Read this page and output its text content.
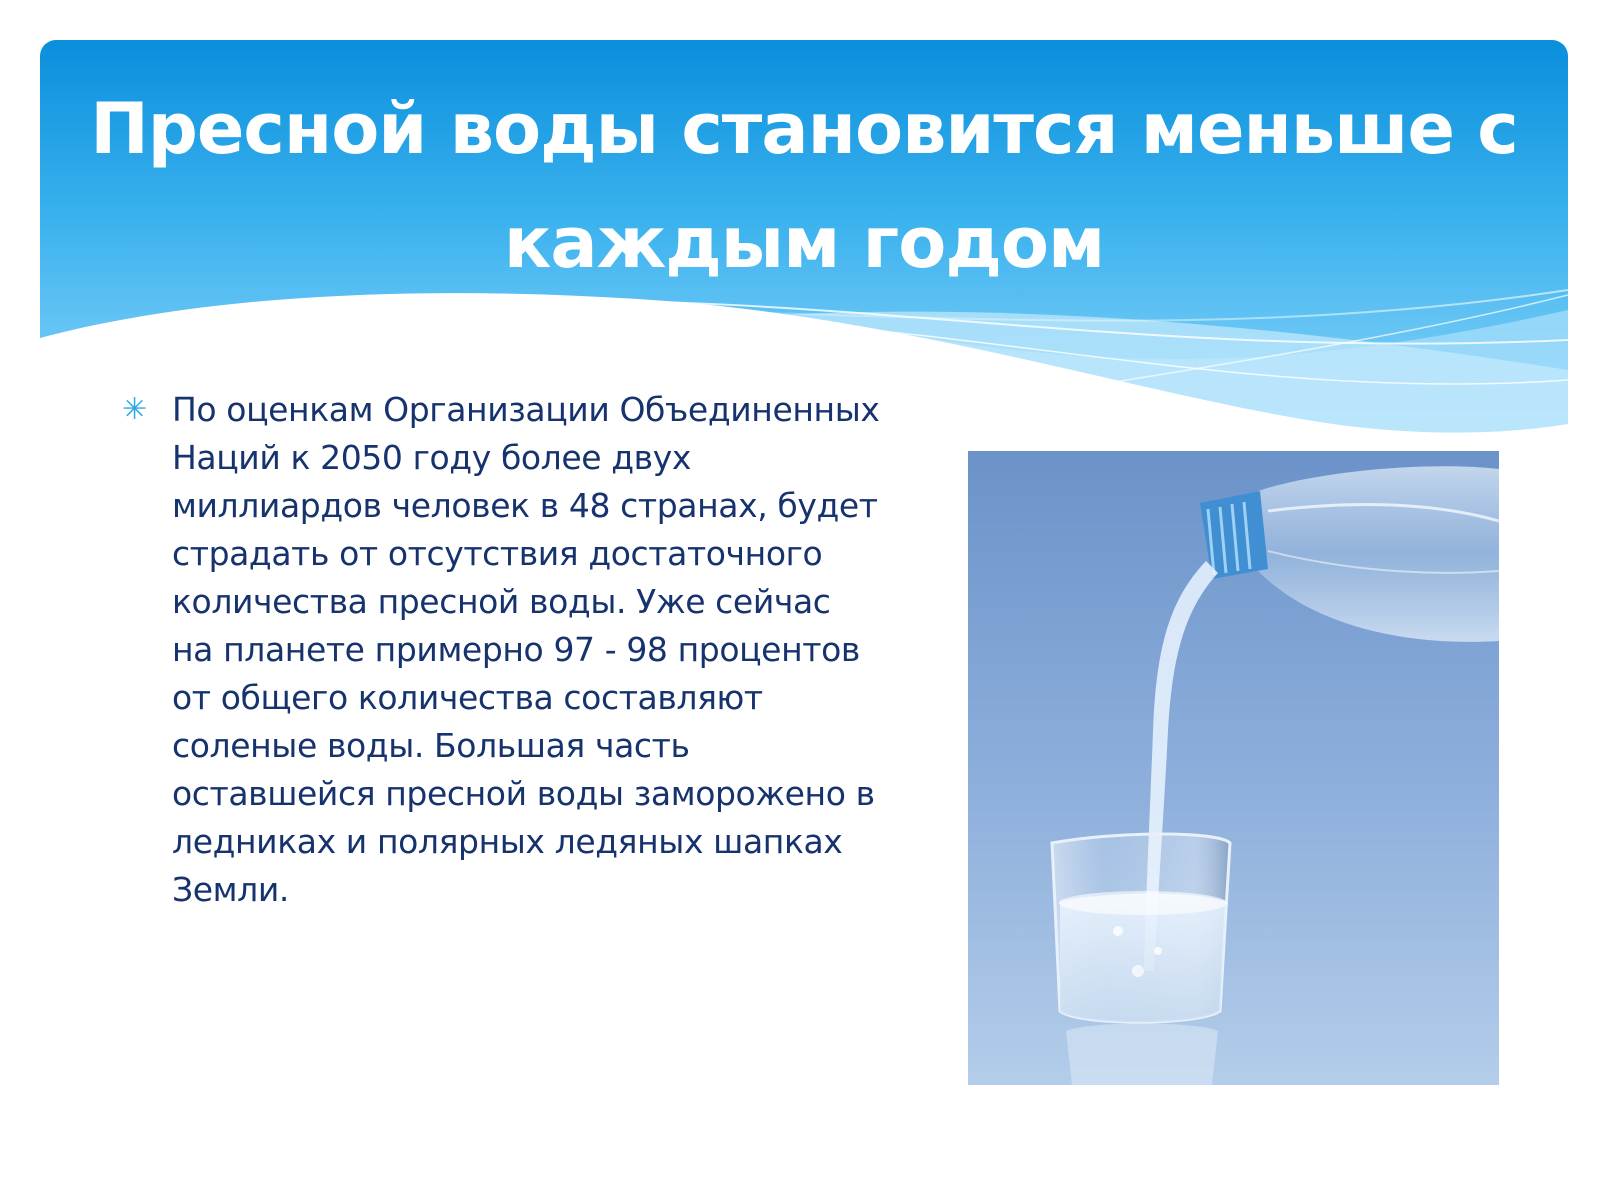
Пресной воды становится меньше с каждым годом
✳ По оценкам Организации Объединенных Наций к 2050 году более двух миллиардов человек в 48 странах, будет страдать от отсутствия достаточного количества пресной воды. Уже сейчас на планете примерно 97 - 98 процентов от общего количества составляют соленые воды. Большая часть оставшейся пресной воды заморожено в ледниках и полярных ледяных шапках Земли.
